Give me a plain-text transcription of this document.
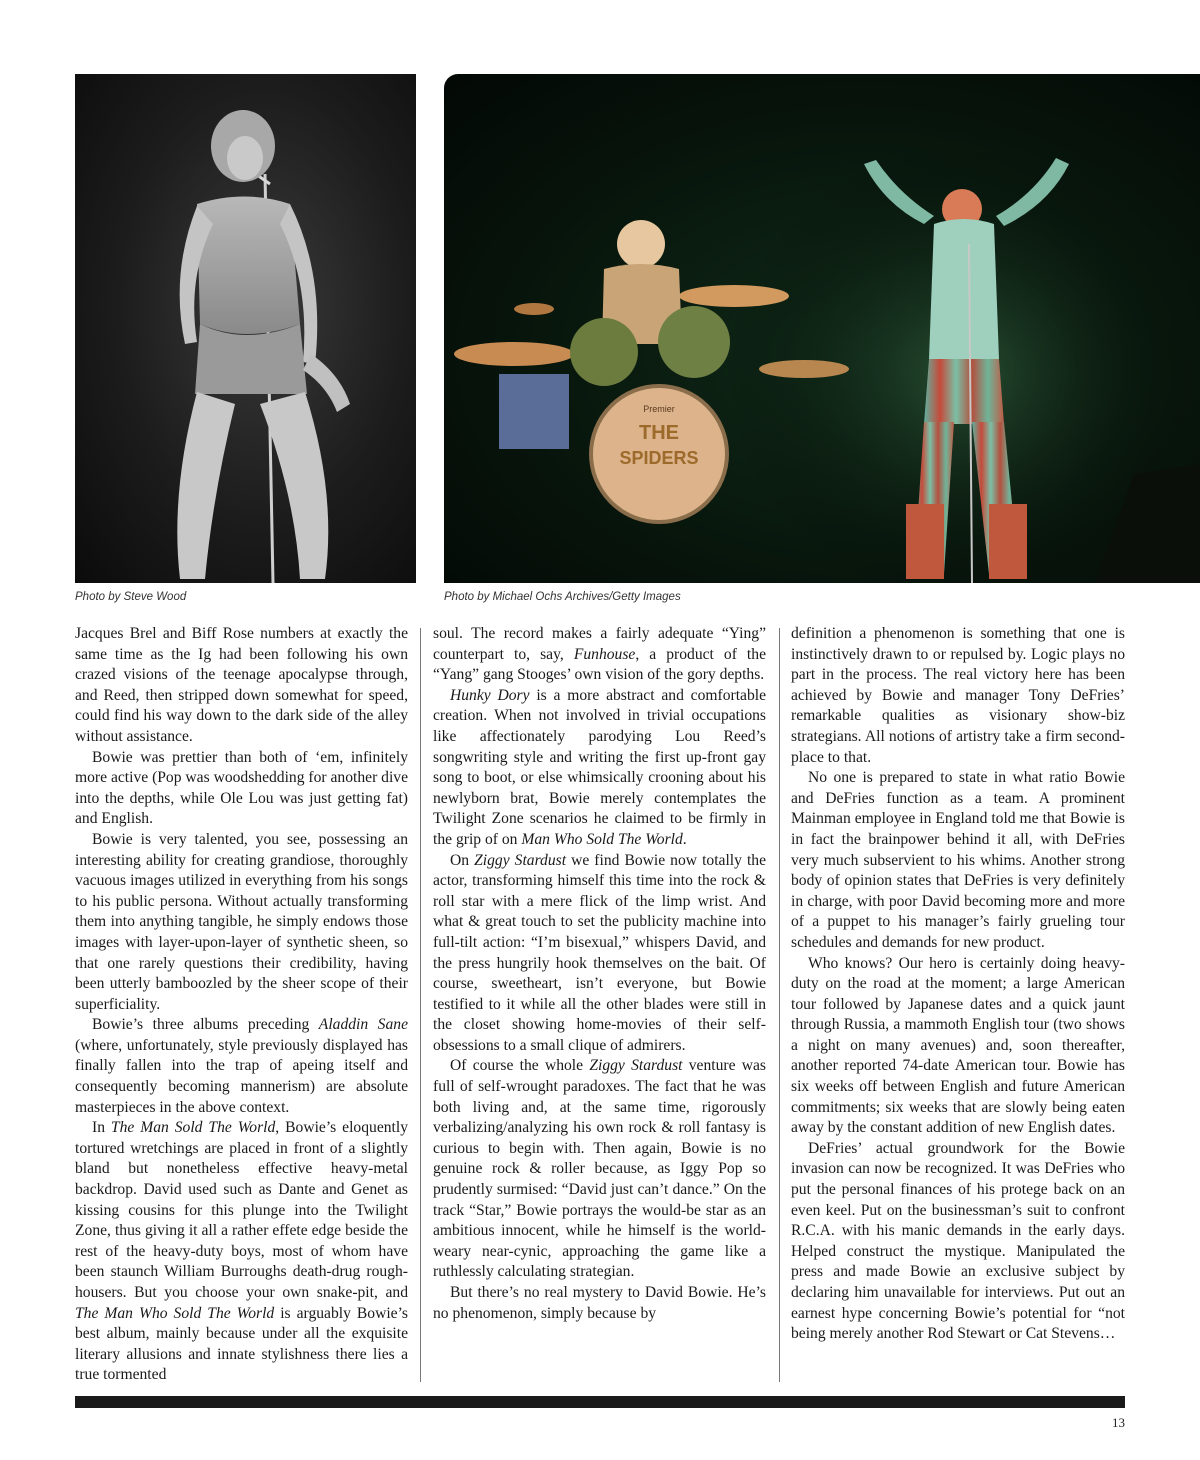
Premier
THE
SPIDERS
Photo by Steve Wood	Photo by Michael Ochs Archives/Getty Images

Jacques Brel and Biff Rose numbers at exactly the same time as the Ig had been following his own crazed visions of the teenage apocalypse through, and Reed, then stripped down somewhat for speed, could find his way down to the dark side of the alley without assistance.

Bowie was prettier than both of ‘em, infinitely more active (Pop was woodshedding for another dive into the depths, while Ole Lou was just getting fat) and English.

Bowie is very talented, you see, possessing an interesting ability for creating grandiose, thoroughly vacuous images utilized in everything from his songs to his public persona. Without actually transforming them into anything tangible, he simply endows those images with layer-upon-layer of synthetic sheen, so that one rarely questions their credibility, having been utterly bamboozled by the sheer scope of their superficiality.

Bowie’s three albums preceding Aladdin Sane (where, unfortunately, style previously displayed has finally fallen into the trap of apeing itself and consequently becoming mannerism) are absolute masterpieces in the above context.

In The Man Sold The World, Bowie’s eloquently tortured wretchings are placed in front of a slightly bland but nonetheless effective heavy-metal backdrop. David used such as Dante and Genet as kissing cousins for this plunge into the Twilight Zone, thus giving it all a rather effete edge beside the rest of the heavy-duty boys, most of whom have been staunch William Burroughs death-drug rough-housers. But you choose your own snake-pit, and The Man Who Sold The World is arguably Bowie’s best album, mainly because under all the exquisite literary allusions and innate stylishness there lies a true tormented

soul. The record makes a fairly adequate “Ying” counterpart to, say, Funhouse, a product of the “Yang” gang Stooges’ own vision of the gory depths.

Hunky Dory is a more abstract and comfortable creation. When not involved in trivial occupations like affectionately parodying Lou Reed’s songwriting style and writing the first up-front gay song to boot, or else whimsically crooning about his newlyborn brat, Bowie merely contemplates the Twilight Zone scenarios he claimed to be firmly in the grip of on Man Who Sold The World.

On Ziggy Stardust we find Bowie now totally the actor, transforming himself this time into the rock & roll star with a mere flick of the limp wrist. And what & great touch to set the publicity machine into full-tilt action: “I’m bisexual,” whispers David, and the press hungrily hook themselves on the bait. Of course, sweetheart, isn’t everyone, but Bowie testified to it while all the other blades were still in the closet showing home-movies of their self-obsessions to a small clique of admirers.

Of course the whole Ziggy Stardust venture was full of self-wrought paradoxes. The fact that he was both living and, at the same time, rigorously verbalizing/analyzing his own rock & roll fantasy is curious to begin with. Then again, Bowie is no genuine rock & roller because, as Iggy Pop so prudently surmised: “David just can’t dance.” On the track “Star,” Bowie portrays the would-be star as an ambitious innocent, while he himself is the world-weary near-cynic, approaching the game like a ruthlessly calculating strategian.

But there’s no real mystery to David Bowie. He’s no phenomenon, simply because by

definition a phenomenon is something that one is instinctively drawn to or repulsed by. Logic plays no part in the process. The real victory here has been achieved by Bowie and manager Tony DeFries’ remarkable qualities as visionary show-biz strategians. All notions of artistry take a firm second-place to that.

No one is prepared to state in what ratio Bowie and DeFries function as a team. A prominent Mainman employee in England told me that Bowie is in fact the brainpower behind it all, with DeFries very much subservient to his whims. Another strong body of opinion states that DeFries is very definitely in charge, with poor David becoming more and more of a puppet to his manager’s fairly grueling tour schedules and demands for new product.

Who knows? Our hero is certainly doing heavy-duty on the road at the moment; a large American tour followed by Japanese dates and a quick jaunt through Russia, a mammoth English tour (two shows a night on many avenues) and, soon thereafter, another reported 74-date American tour. Bowie has six weeks off between English and future American commitments; six weeks that are slowly being eaten away by the constant addition of new English dates.

DeFries’ actual groundwork for the Bowie invasion can now be recognized. It was DeFries who put the personal finances of his protege back on an even keel. Put on the businessman’s suit to confront R.C.A. with his manic demands in the early days. Helped construct the mystique. Manipulated the press and made Bowie an exclusive subject by declaring him unavailable for interviews. Put out an earnest hype concerning Bowie’s potential for “not being merely another Rod Stewart or Cat Stevens…

13
